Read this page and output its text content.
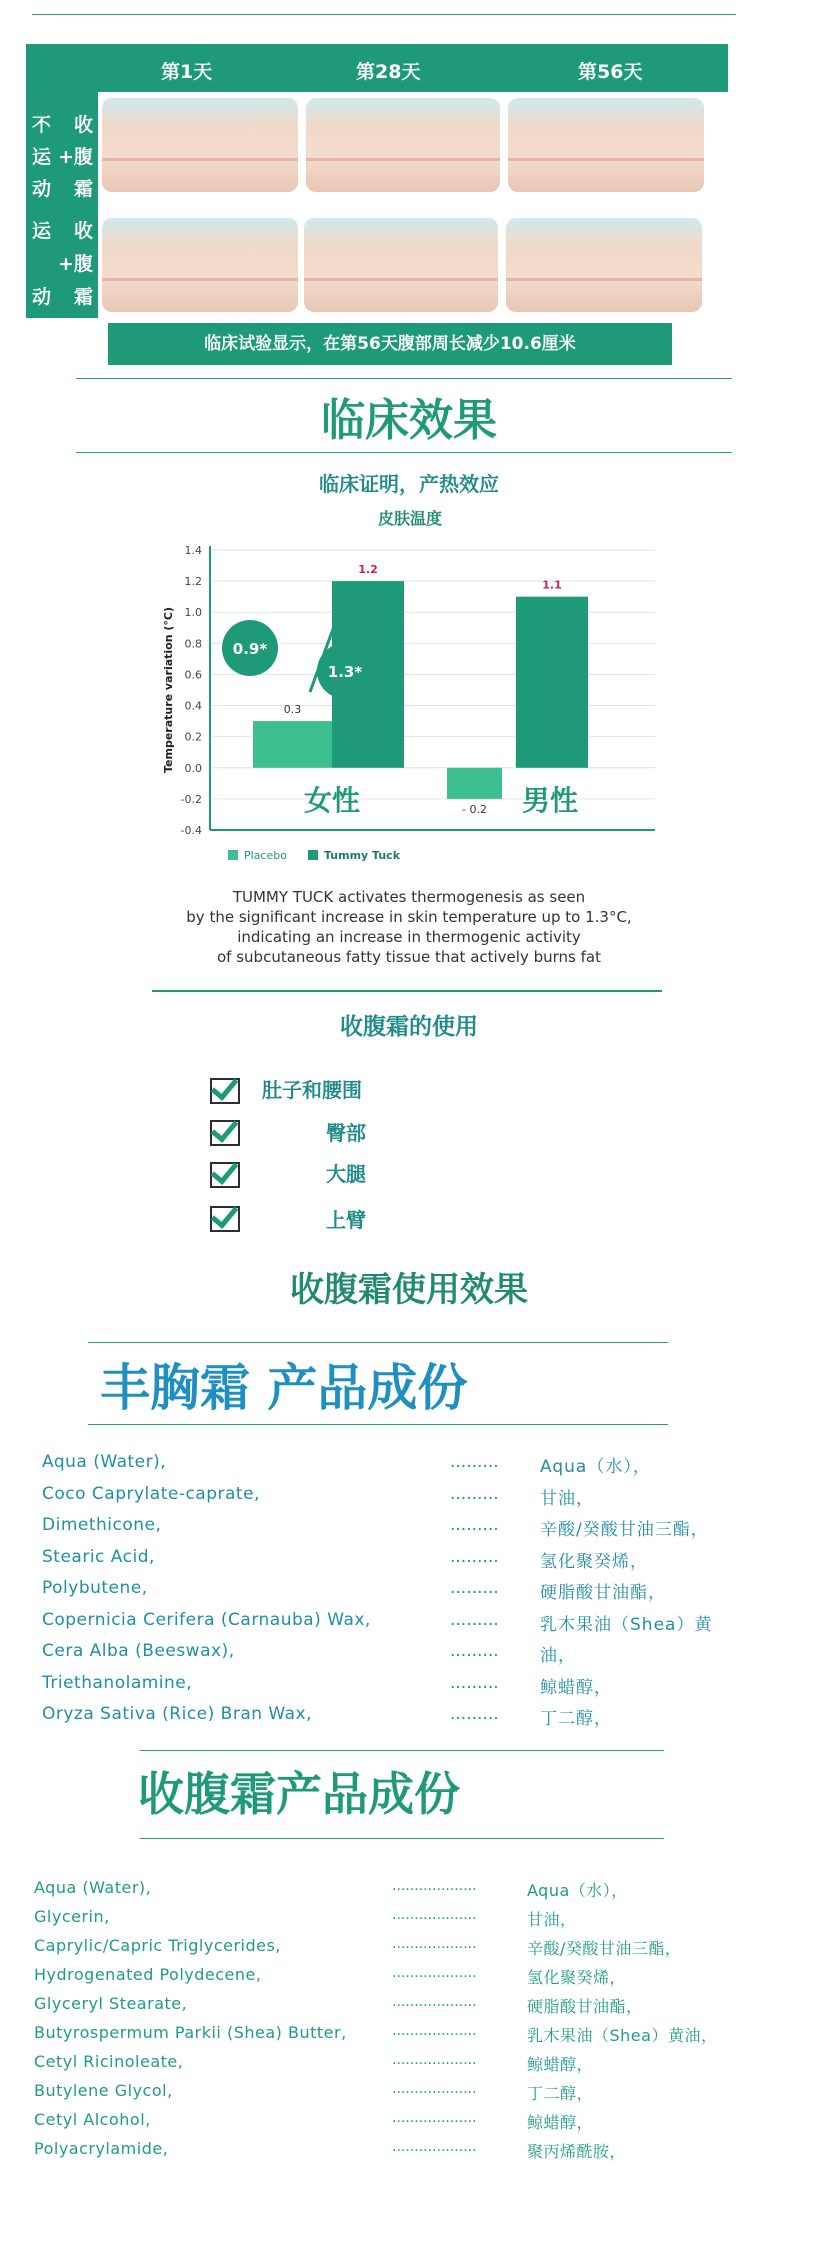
第1天	第28天	第56天
不 收
运 +腹
动 霜
运 收
+腹
动 霜
临床试验显示，在第56天腹部周长减少10.6厘米
临床效果
临床证明，产热效应
皮肤温度
1.4
1.2
1.0
0.8
0.6
0.4
0.2
0.0
-0.2
-0.4
Temperature variation (°C)	0.3
- 0.2
1.2
1.1
女性	男性
0.9*
1.3*
Placebo	Tummy Tuck
TUMMY TUCK activates thermogenesis as seen
by the significant increase in skin temperature up to 1.3°C,
indicating an increase in thermogenic activity
of subcutaneous fatty tissue that actively burns fat
收腹霜的使用
肚子和腰围
臀部
大腿
上臂
收腹霜使用效果
丰胸霜 产品成份
Aqua (Water),	......... Aqua（水），
Coco Caprylate-caprate,	......... 甘油，
Dimethicone,	......... 辛酸/癸酸甘油三酯，
Stearic Acid,	......... 氢化聚癸烯，
Polybutene,	......... 硬脂酸甘油酯，
Copernicia Cerifera (Carnauba) Wax,	......... 乳木果油（Shea）黄
Cera Alba (Beeswax),	......... 油，
Triethanolamine,	......... 鲸蜡醇，
Oryza Sativa (Rice) Bran Wax,	......... 丁二醇，
收腹霜产品成份
Aqua (Water),	...................	Aqua（水），
Glycerin,	...................	甘油，
Caprylic/Capric Triglycerides,	...................	辛酸/癸酸甘油三酯，
Hydrogenated Polydecene,	...................	氢化聚癸烯，
Glyceryl Stearate,	...................	硬脂酸甘油酯，
Butyrospermum Parkii (Shea) Butter,	...................	乳木果油（Shea）黄油，
Cetyl Ricinoleate,	...................	鲸蜡醇，
Butylene Glycol,	...................	丁二醇，
Cetyl Alcohol,	...................	鲸蜡醇，
Polyacrylamide,	...................	聚丙烯酰胺，
